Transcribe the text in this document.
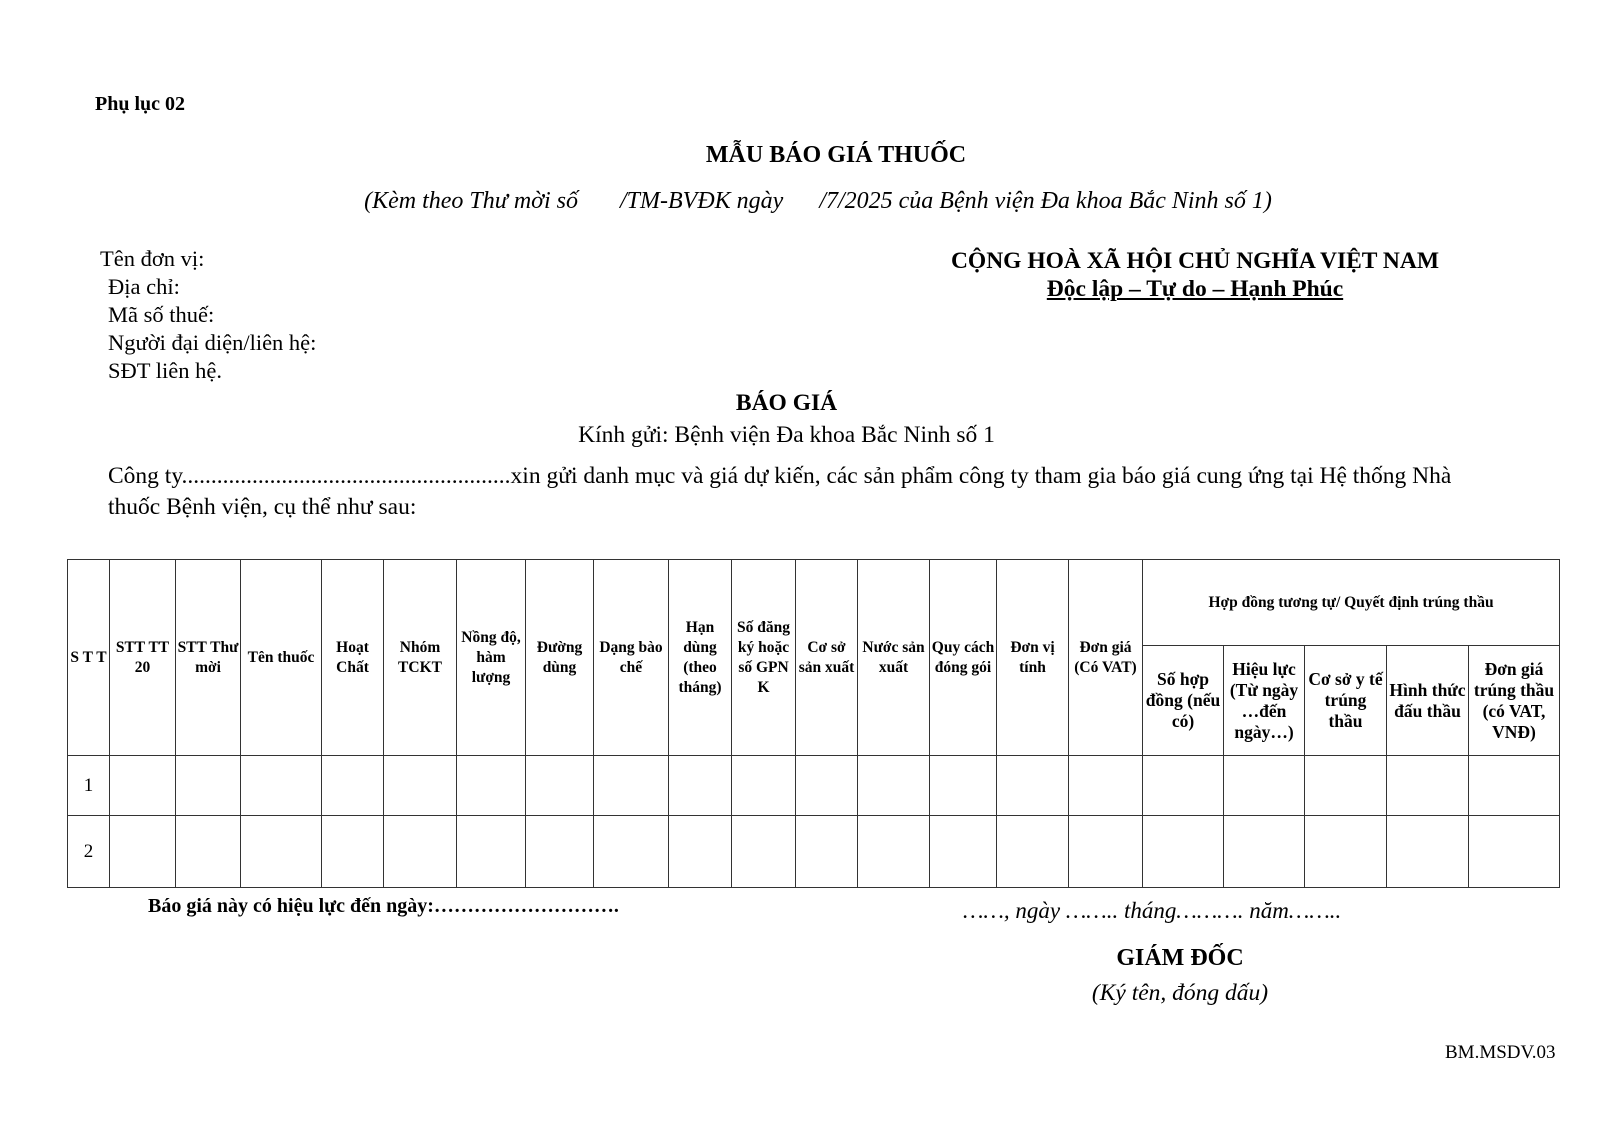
Phụ lục 02
MẪU BÁO GIÁ THUỐC
(Kèm theo Thư mời số       /TM-BVĐK ngày      /7/2025 của Bệnh viện Đa khoa Bắc Ninh số 1)
Tên đơn vị:
Địa chỉ:
Mã số thuế:
Người đại diện/liên hệ:
SĐT liên hệ.
CỘNG HOÀ XÃ HỘI CHỦ NGHĨA VIỆT NAM
Độc lập – Tự do – Hạnh Phúc
BÁO GIÁ
Kính gửi: Bệnh viện Đa khoa Bắc Ninh số 1
Công ty........................................................xin gửi danh mục và giá dự kiến, các sản phẩm công ty tham gia báo giá cung ứng tại Hệ thống Nhà thuốc Bệnh viện, cụ thể như sau:
S T T	STT TT 20	STT Thư mời	Tên thuốc	Hoạt Chất	Nhóm TCKT	Nồng độ, hàm lượng	Đường dùng	Dạng bào chế	Hạn dùng (theo tháng)	Số đăng ký hoặc số GPN K	Cơ sở sản xuất	Nước sản xuất	Quy cách đóng gói	Đơn vị tính	Đơn giá (Có VAT)	Hợp đồng tương tự/ Quyết định trúng thầu				
																Số hợp đồng (nếu có)	Hiệu lực (Từ ngày …đến ngày…)	Cơ sở y tế trúng thầu	Hình thức đấu thầu	Đơn giá trúng thầu (có VAT, VNĐ)
1																				
2																				
Báo giá này có hiệu lực đến ngày:……………………….	……, ngày …….. tháng………. năm……..
GIÁM ĐỐC
(Ký tên, đóng dấu)
BM.MSDV.03
